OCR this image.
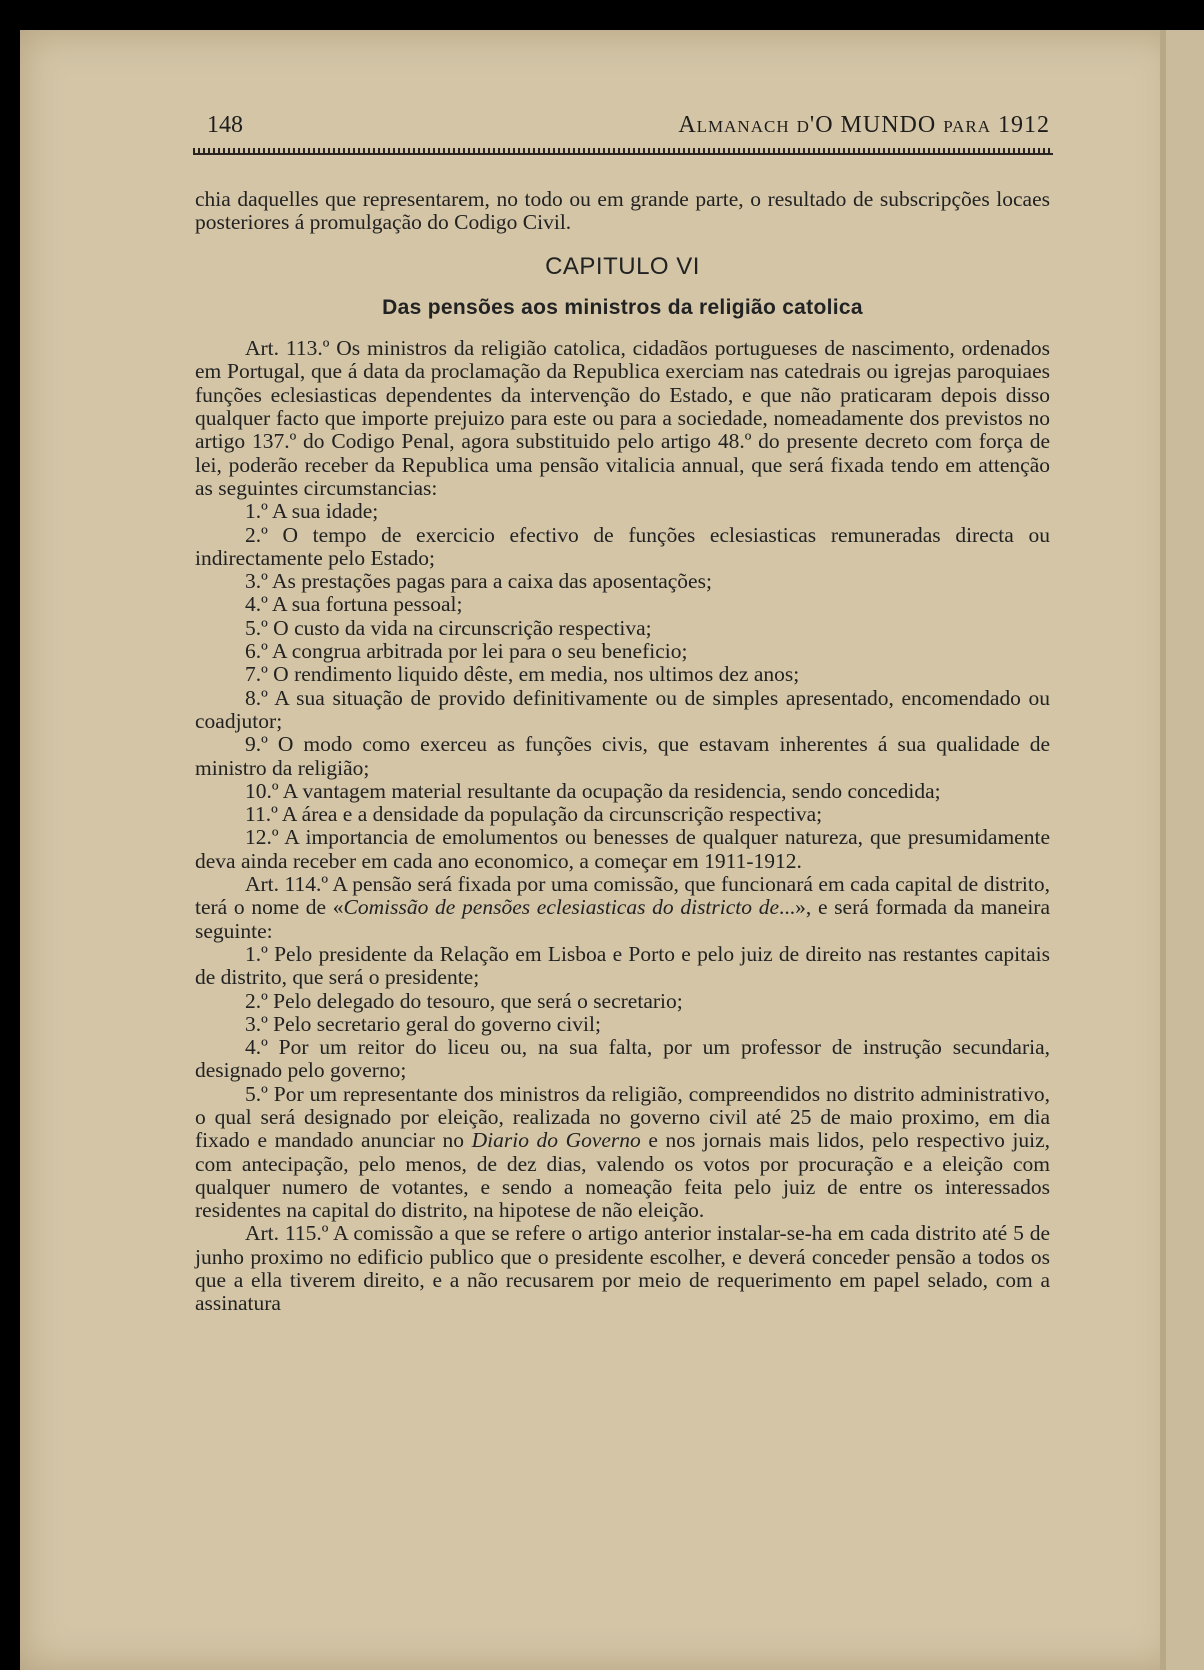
148	Almanach d'O MUNDO para 1912

chia daquelles que representarem, no todo ou em grande parte, o resultado de subscripções locaes posteriores á promulgação do Codigo Civil.

CAPITULO VI

Das pensões aos ministros da religião catolica

Art. 113.º Os ministros da religião catolica, cidadãos portugueses de nascimento, ordenados em Portugal, que á data da proclamação da Republica exerciam nas catedrais ou igrejas paroquiaes funções eclesiasticas dependentes da intervenção do Estado, e que não praticaram depois disso qualquer facto que importe prejuizo para este ou para a sociedade, nomeadamente dos previstos no artigo 137.º do Codigo Penal, agora substituido pelo artigo 48.º do presente decreto com força de lei, poderão receber da Republica uma pensão vitalicia annual, que será fixada tendo em attenção as seguintes circumstancias:

1.º A sua idade;

2.º O tempo de exercicio efectivo de funções eclesiasticas remuneradas directa ou indirectamente pelo Estado;

3.º As prestações pagas para a caixa das aposentações;

4.º A sua fortuna pessoal;

5.º O custo da vida na circunscrição respectiva;

6.º A congrua arbitrada por lei para o seu beneficio;

7.º O rendimento liquido dêste, em media, nos ultimos dez anos;

8.º A sua situação de provido definitivamente ou de simples apresentado, encomendado ou coadjutor;

9.º O modo como exerceu as funções civis, que estavam inherentes á sua qualidade de ministro da religião;

10.º A vantagem material resultante da ocupação da residencia, sendo concedida;

11.º A área e a densidade da população da circunscrição respectiva;

12.º A importancia de emolumentos ou benesses de qualquer natureza, que presumidamente deva ainda receber em cada ano economico, a começar em 1911-1912.

Art. 114.º A pensão será fixada por uma comissão, que funcionará em cada capital de distrito, terá o nome de «Comissão de pensões eclesiasticas do districto de...», e será formada da maneira seguinte:

1.º Pelo presidente da Relação em Lisboa e Porto e pelo juiz de direito nas restantes capitais de distrito, que será o presidente;

2.º Pelo delegado do tesouro, que será o secretario;

3.º Pelo secretario geral do governo civil;

4.º Por um reitor do liceu ou, na sua falta, por um professor de instrução secundaria, designado pelo governo;

5.º Por um representante dos ministros da religião, compreendidos no distrito administrativo, o qual será designado por eleição, realizada no governo civil até 25 de maio proximo, em dia fixado e mandado anunciar no Diario do Governo e nos jornais mais lidos, pelo respectivo juiz, com antecipação, pelo menos, de dez dias, valendo os votos por procuração e a eleição com qualquer numero de votantes, e sendo a nomeação feita pelo juiz de entre os interessados residentes na capital do distrito, na hipotese de não eleição.

Art. 115.º A comissão a que se refere o artigo anterior instalar-se-ha em cada distrito até 5 de junho proximo no edificio publico que o presidente escolher, e deverá conceder pensão a todos os que a ella tiverem direito, e a não recusarem por meio de requerimento em papel selado, com a assinatura
